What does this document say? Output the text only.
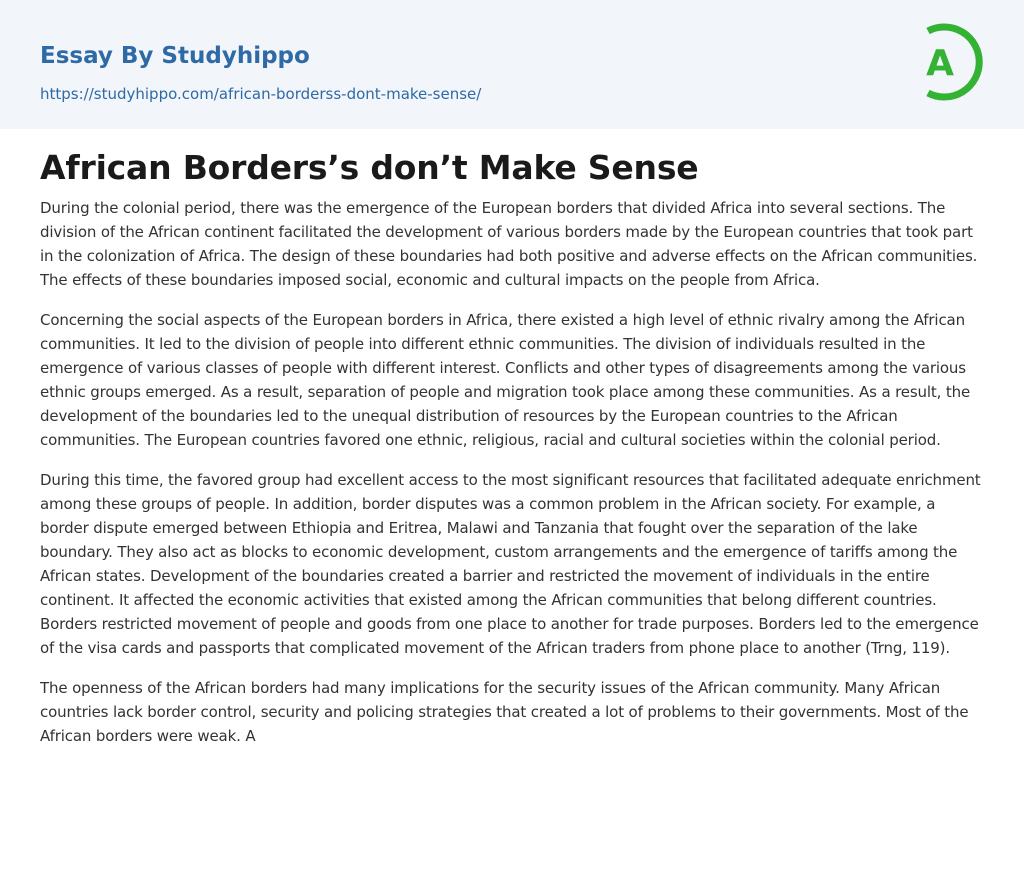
Essay By Studyhippo
https://studyhippo.com/african-borderss-dont-make-sense/
A
African Borders’s don’t Make Sense

During the colonial period, there was the emergence of the European borders that divided Africa into several sections. The division of the African continent facilitated the development of various borders made by the European countries that took part in the colonization of Africa. The design of these boundaries had both positive and adverse effects on the African communities. The effects of these boundaries imposed social, economic and cultural impacts on the people from Africa.

Concerning the social aspects of the European borders in Africa, there existed a high level of ethnic rivalry among the African communities. It led to the division of people into different ethnic communities. The division of individuals resulted in the emergence of various classes of people with different interest. Conflicts and other types of disagreements among the various ethnic groups emerged. As a result, separation of people and migration took place among these communities. As a result, the development of the boundaries led to the unequal distribution of resources by the European countries to the African communities. The European countries favored one ethnic, religious, racial and cultural societies within the colonial period.

During this time, the favored group had excellent access to the most significant resources that facilitated adequate enrichment among these groups of people. In addition, border disputes was a common problem in the African society. For example, a border dispute emerged between Ethiopia and Eritrea, Malawi and Tanzania that fought over the separation of the lake boundary. They also act as blocks to economic development, custom arrangements and the emergence of tariffs among the African states. Development of the boundaries created a barrier and restricted the movement of individuals in the entire continent. It affected the economic activities that existed among the African communities that belong different countries. Borders restricted movement of people and goods from one place to another for trade purposes. Borders led to the emergence of the visa cards and passports that complicated movement of the African traders from phone place to another (Trng, 119).

The openness of the African borders had many implications for the security issues of the African community. Many African countries lack border control, security and policing strategies that created a lot of problems to their governments. Most of the African borders were weak. A
